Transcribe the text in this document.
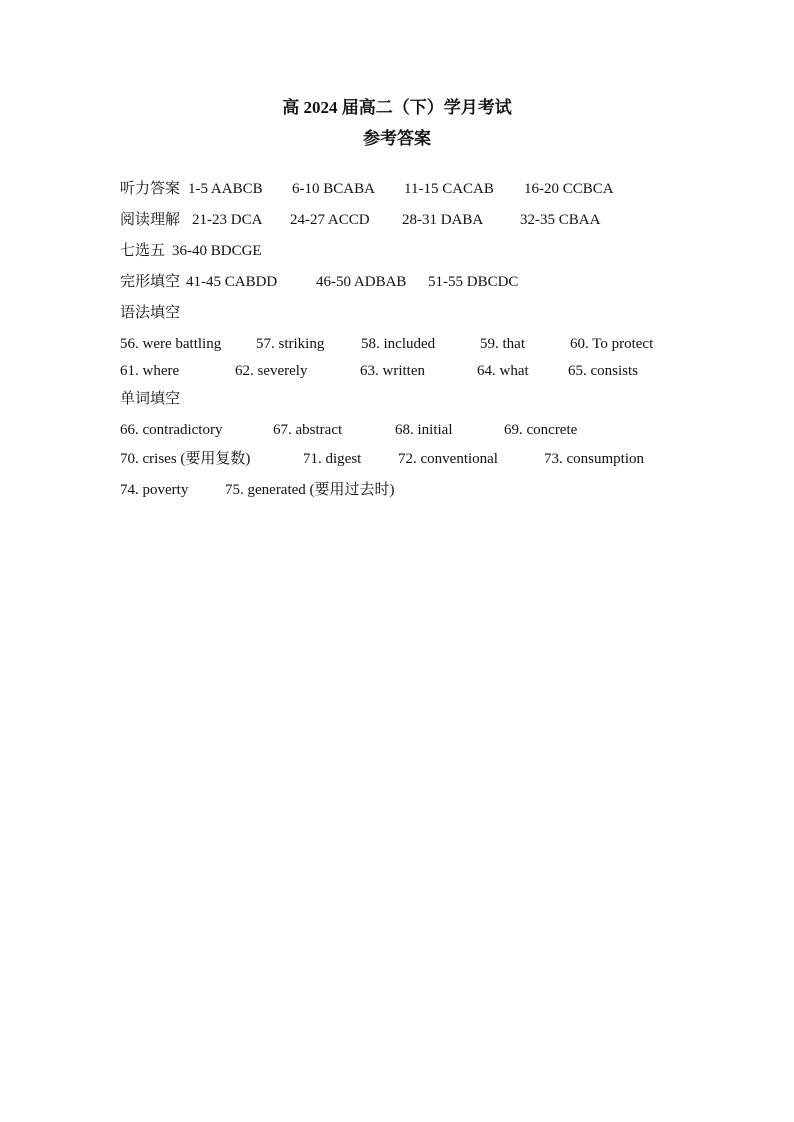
高 2024 届高二（下）学月考试
参考答案
听力答案 1-5 AABCB 6-10 BCABA 11-15 CACAB 16-20 CCBCA
阅读理解 21-23 DCA 24-27 ACCD 28-31 DABA 32-35 CBAA
七选五 36-40 BDCGE
完形填空 41-45 CABDD	46-50 ADBAB 51-55 DBCDC
语法填空
56. were battling 57. striking 58. included	59. that	60. To protect
61. where	62. severely	63. written	64. what	65. consists
单词填空
66. contradictory	67. abstract	68. initial	69. concrete
70. crises (要用复数)	71. digest 72. conventional	73. consumption
74. poverty 75. generated (要用过去时)
